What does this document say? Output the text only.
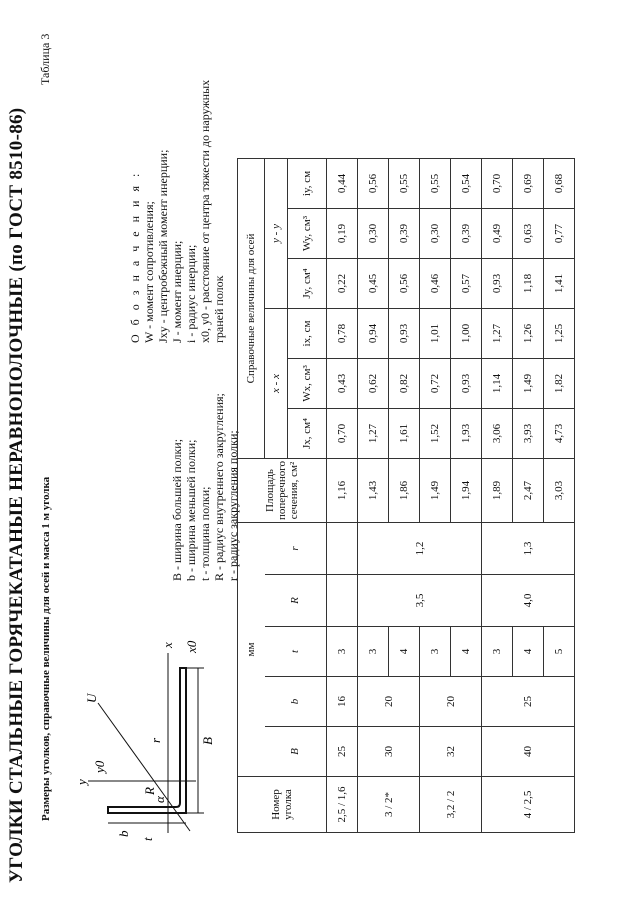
УГОЛКИ СТАЛЬНЫЕ ГОРЯЧЕКАТАНЫЕ НЕРАВНОПОЛОЧНЫЕ (по ГОСТ 8510-86) Размеры уголков, справочные величины для осей и масса 1 м уголка
Таблица 3
x
y
y0
t
R
r
U
B
b
α
x0
B - ширина большей полки; b - ширина меньшей полки; t - толщина полки; R - радиус внутреннего закругления; r - радиус закругления полки;
О б о з н а ч е н и я : W - момент сопротивления; Jxy - центробежный момент инерции; J - момент инерции; i - радиус инерции; x0, y0 - расстояние от центра тяжести до наружных граней полок
Номер уголка	мм					Площадь поперечного сечения, см²	Справочные величины для осей					
	B	b	t	R	r		x - x			y - y		
							Jx, см⁴	Wx, см³	ix, см	Jy, см⁴	Wy, см³	iy, см
2,5 / 1,6	25	16	3			1,16	0,70	0,43	0,78	0,22	0,19	0,44
3 / 2*	30	20	3	3,5	1,2	1,43	1,27	0,62	0,94	0,45	0,30	0,56
			4			1,86	1,61	0,82	0,93	0,56	0,39	0,55
3,2 / 2	32	20	3			1,49	1,52	0,72	1,01	0,46	0,30	0,55
			4			1,94	1,93	0,93	1,00	0,57	0,39	0,54
4 / 2,5	40	25	3	4,0	1,3	1,89	3,06	1,14	1,27	0,93	0,49	0,70
			4			2,47	3,93	1,49	1,26	1,18	0,63	0,69
			5			3,03	4,73	1,82	1,25	1,41	0,77	0,68
